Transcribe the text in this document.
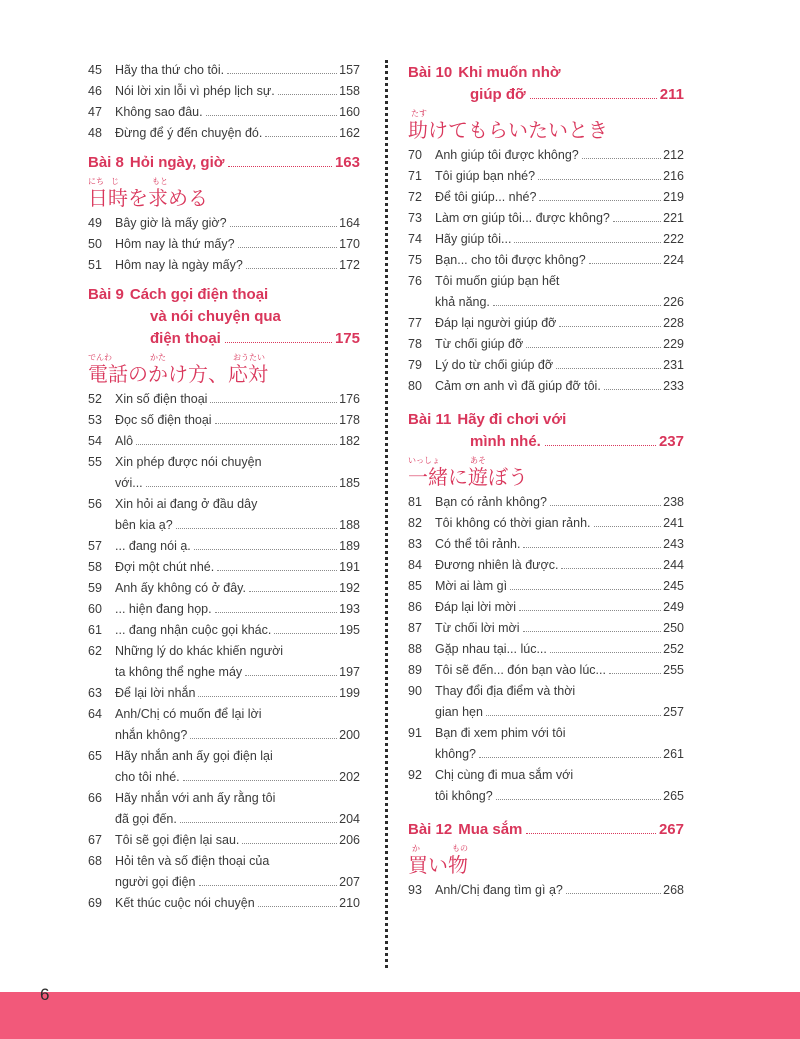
45	Hãy tha thứ cho tôi.	157
46	Nói lời xin lỗi vì phép lịch sự.	158
47	Không sao đâu.	160
48	Đừng để ý đến chuyện đó.	162
Bài 8 Hỏi ngày, giờ	163
にち じ	もと
日時を求める
49	Bây giờ là mấy giờ?	164
50	Hôm nay là thứ mấy?	170
51	Hôm nay là ngày mấy?	172
Bài 9 Cách gọi điện thoại
và nói chuyện qua
điện thoại	175
でんわ	かた	おうたい
電話のかけ方、応対
52	Xin số điện thoại	176
53	Đọc số điện thoại	178
54	Alô	182
55	Xin phép được nói chuyện
với...	185
56	Xin hỏi ai đang ở đầu dây
bên kia ạ?	188
57	... đang nói ạ.	189
58	Đợi một chút nhé.	191
59	Anh ấy không có ở đây.	192
60	... hiện đang họp.	193
61	... đang nhận cuộc gọi khác.	195
62	Những lý do khác khiến người
ta không thể nghe máy	197
63	Để lại lời nhắn	199
64	Anh/Chị có muốn để lại lời
nhắn không?	200
65	Hãy nhắn anh ấy gọi điện lại
cho tôi nhé.	202
66	Hãy nhắn với anh ấy rằng tôi
đã gọi đến.	204
67	Tôi sẽ gọi điện lại sau.	206
68	Hỏi tên và số điện thoại của
người gọi điện	207
69	Kết thúc cuộc nói chuyện	210
Bài 10 Khi muốn nhờ
giúp đỡ	211
たす
助けてもらいたいとき
70	Anh giúp tôi được không?	212
71	Tôi giúp bạn nhé?	216
72	Để tôi giúp... nhé?	219
73	Làm ơn giúp tôi... được không?	221
74	Hãy giúp tôi...	222
75	Bạn... cho tôi được không?	224
76	Tôi muốn giúp bạn hết
khả năng.	226
77	Đáp lại người giúp đỡ	228
78	Từ chối giúp đỡ	229
79	Lý do từ chối giúp đỡ	231
80	Cảm ơn anh vì đã giúp đỡ tôi.	233
Bài 11 Hãy đi chơi với
mình nhé.	237
いっしょ	あそ
一緒に遊ぼう
81	Bạn có rảnh không?	238
82	Tôi không có thời gian rảnh.	241
83	Có thể tôi rảnh.	243
84	Đương nhiên là được.	244
85	Mời ai làm gì	245
86	Đáp lại lời mời	249
87	Từ chối lời mời	250
88	Gặp nhau tại... lúc...	252
89	Tôi sẽ đến... đón bạn vào lúc...	255
90	Thay đổi địa điểm và thời
gian hẹn	257
91	Bạn đi xem phim với tôi
không?	261
92	Chị cùng đi mua sắm với
tôi không?	265
Bài 12 Mua sắm	267
か	もの
買い物
93	Anh/Chị đang tìm gì ạ?	268
6
